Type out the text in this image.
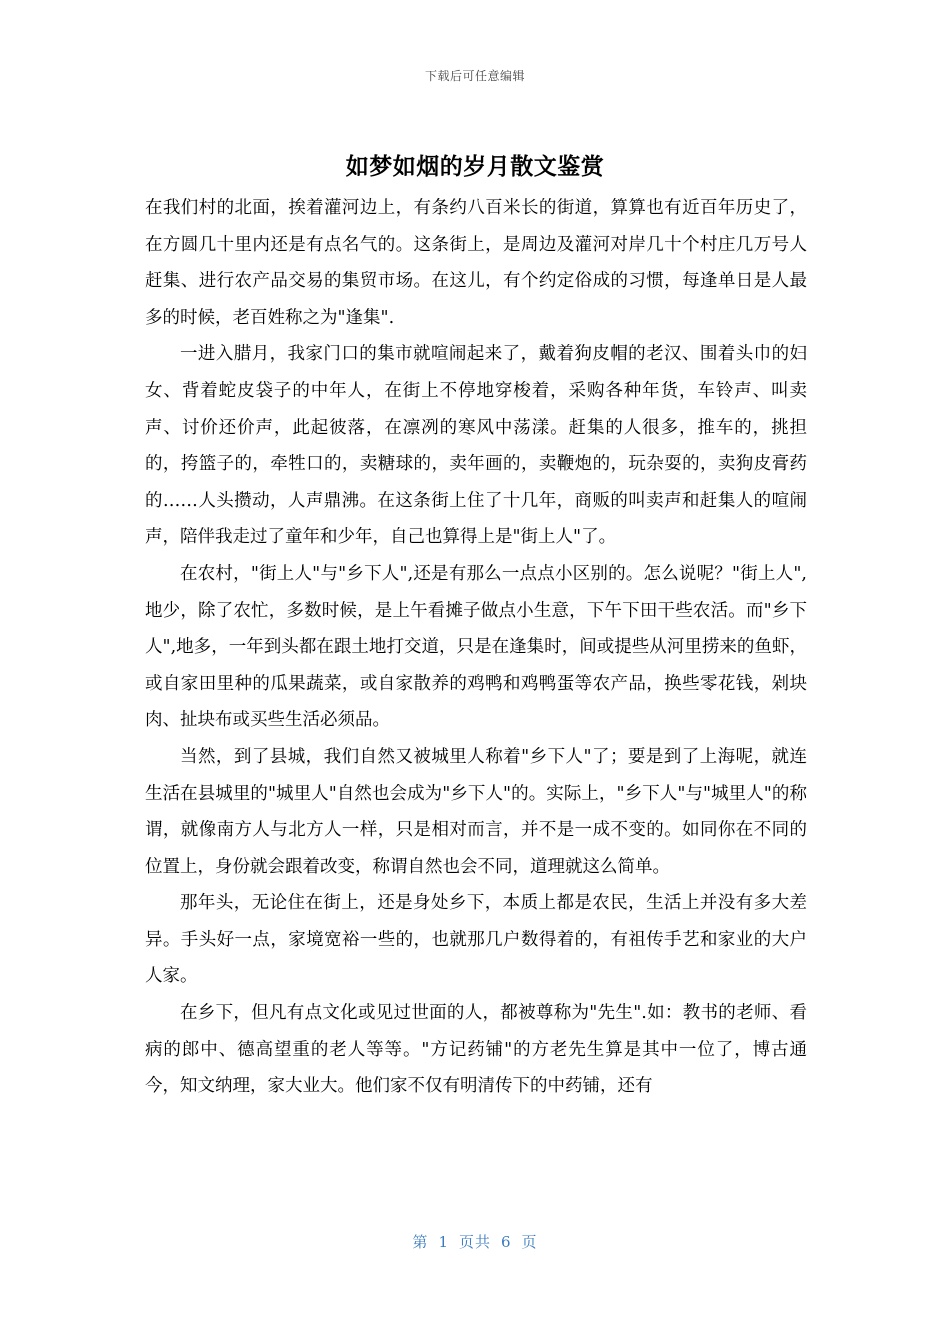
下载后可任意编辑
如梦如烟的岁月散文鉴赏

在我们村的北面，挨着灌河边上，有条约八百米长的街道，算算也有近百年历史了，在方圆几十里内还是有点名气的。这条街上，是周边及灌河对岸几十个村庄几万号人赶集、进行农产品交易的集贸市场。在这儿，有个约定俗成的习惯，每逢单日是人最多的时候，老百姓称之为"逢集".

一进入腊月，我家门口的集市就喧闹起来了，戴着狗皮帽的老汉、围着头巾的妇女、背着蛇皮袋子的中年人，在街上不停地穿梭着，采购各种年货，车铃声、叫卖声、讨价还价声，此起彼落，在凛冽的寒风中荡漾。赶集的人很多，推车的，挑担的，挎篮子的，牵牲口的，卖糖球的，卖年画的，卖鞭炮的，玩杂耍的，卖狗皮膏药的……人头攒动，人声鼎沸。在这条街上住了十几年，商贩的叫卖声和赶集人的喧闹声，陪伴我走过了童年和少年，自己也算得上是"街上人"了。

在农村，"街上人"与"乡下人",还是有那么一点点小区别的。怎么说呢？"街上人",地少，除了农忙，多数时候，是上午看摊子做点小生意，下午下田干些农活。而"乡下人",地多，一年到头都在跟土地打交道，只是在逢集时，间或提些从河里捞来的鱼虾，或自家田里种的瓜果蔬菜，或自家散养的鸡鸭和鸡鸭蛋等农产品，换些零花钱，剁块肉、扯块布或买些生活必须品。

当然，到了县城，我们自然又被城里人称着"乡下人"了；要是到了上海呢，就连生活在县城里的"城里人"自然也会成为"乡下人"的。实际上，"乡下人"与"城里人"的称谓，就像南方人与北方人一样，只是相对而言，并不是一成不变的。如同你在不同的位置上，身份就会跟着改变，称谓自然也会不同，道理就这么简单。

那年头，无论住在街上，还是身处乡下，本质上都是农民，生活上并没有多大差异。手头好一点，家境宽裕一些的，也就那几户数得着的，有祖传手艺和家业的大户人家。

在乡下，但凡有点文化或见过世面的人，都被尊称为"先生".如：教书的老师、看病的郎中、德高望重的老人等等。"方记药铺"的方老先生算是其中一位了，博古通今，知文纳理，家大业大。他们家不仅有明清传下的中药铺，还有

第 1 页共 6 页
